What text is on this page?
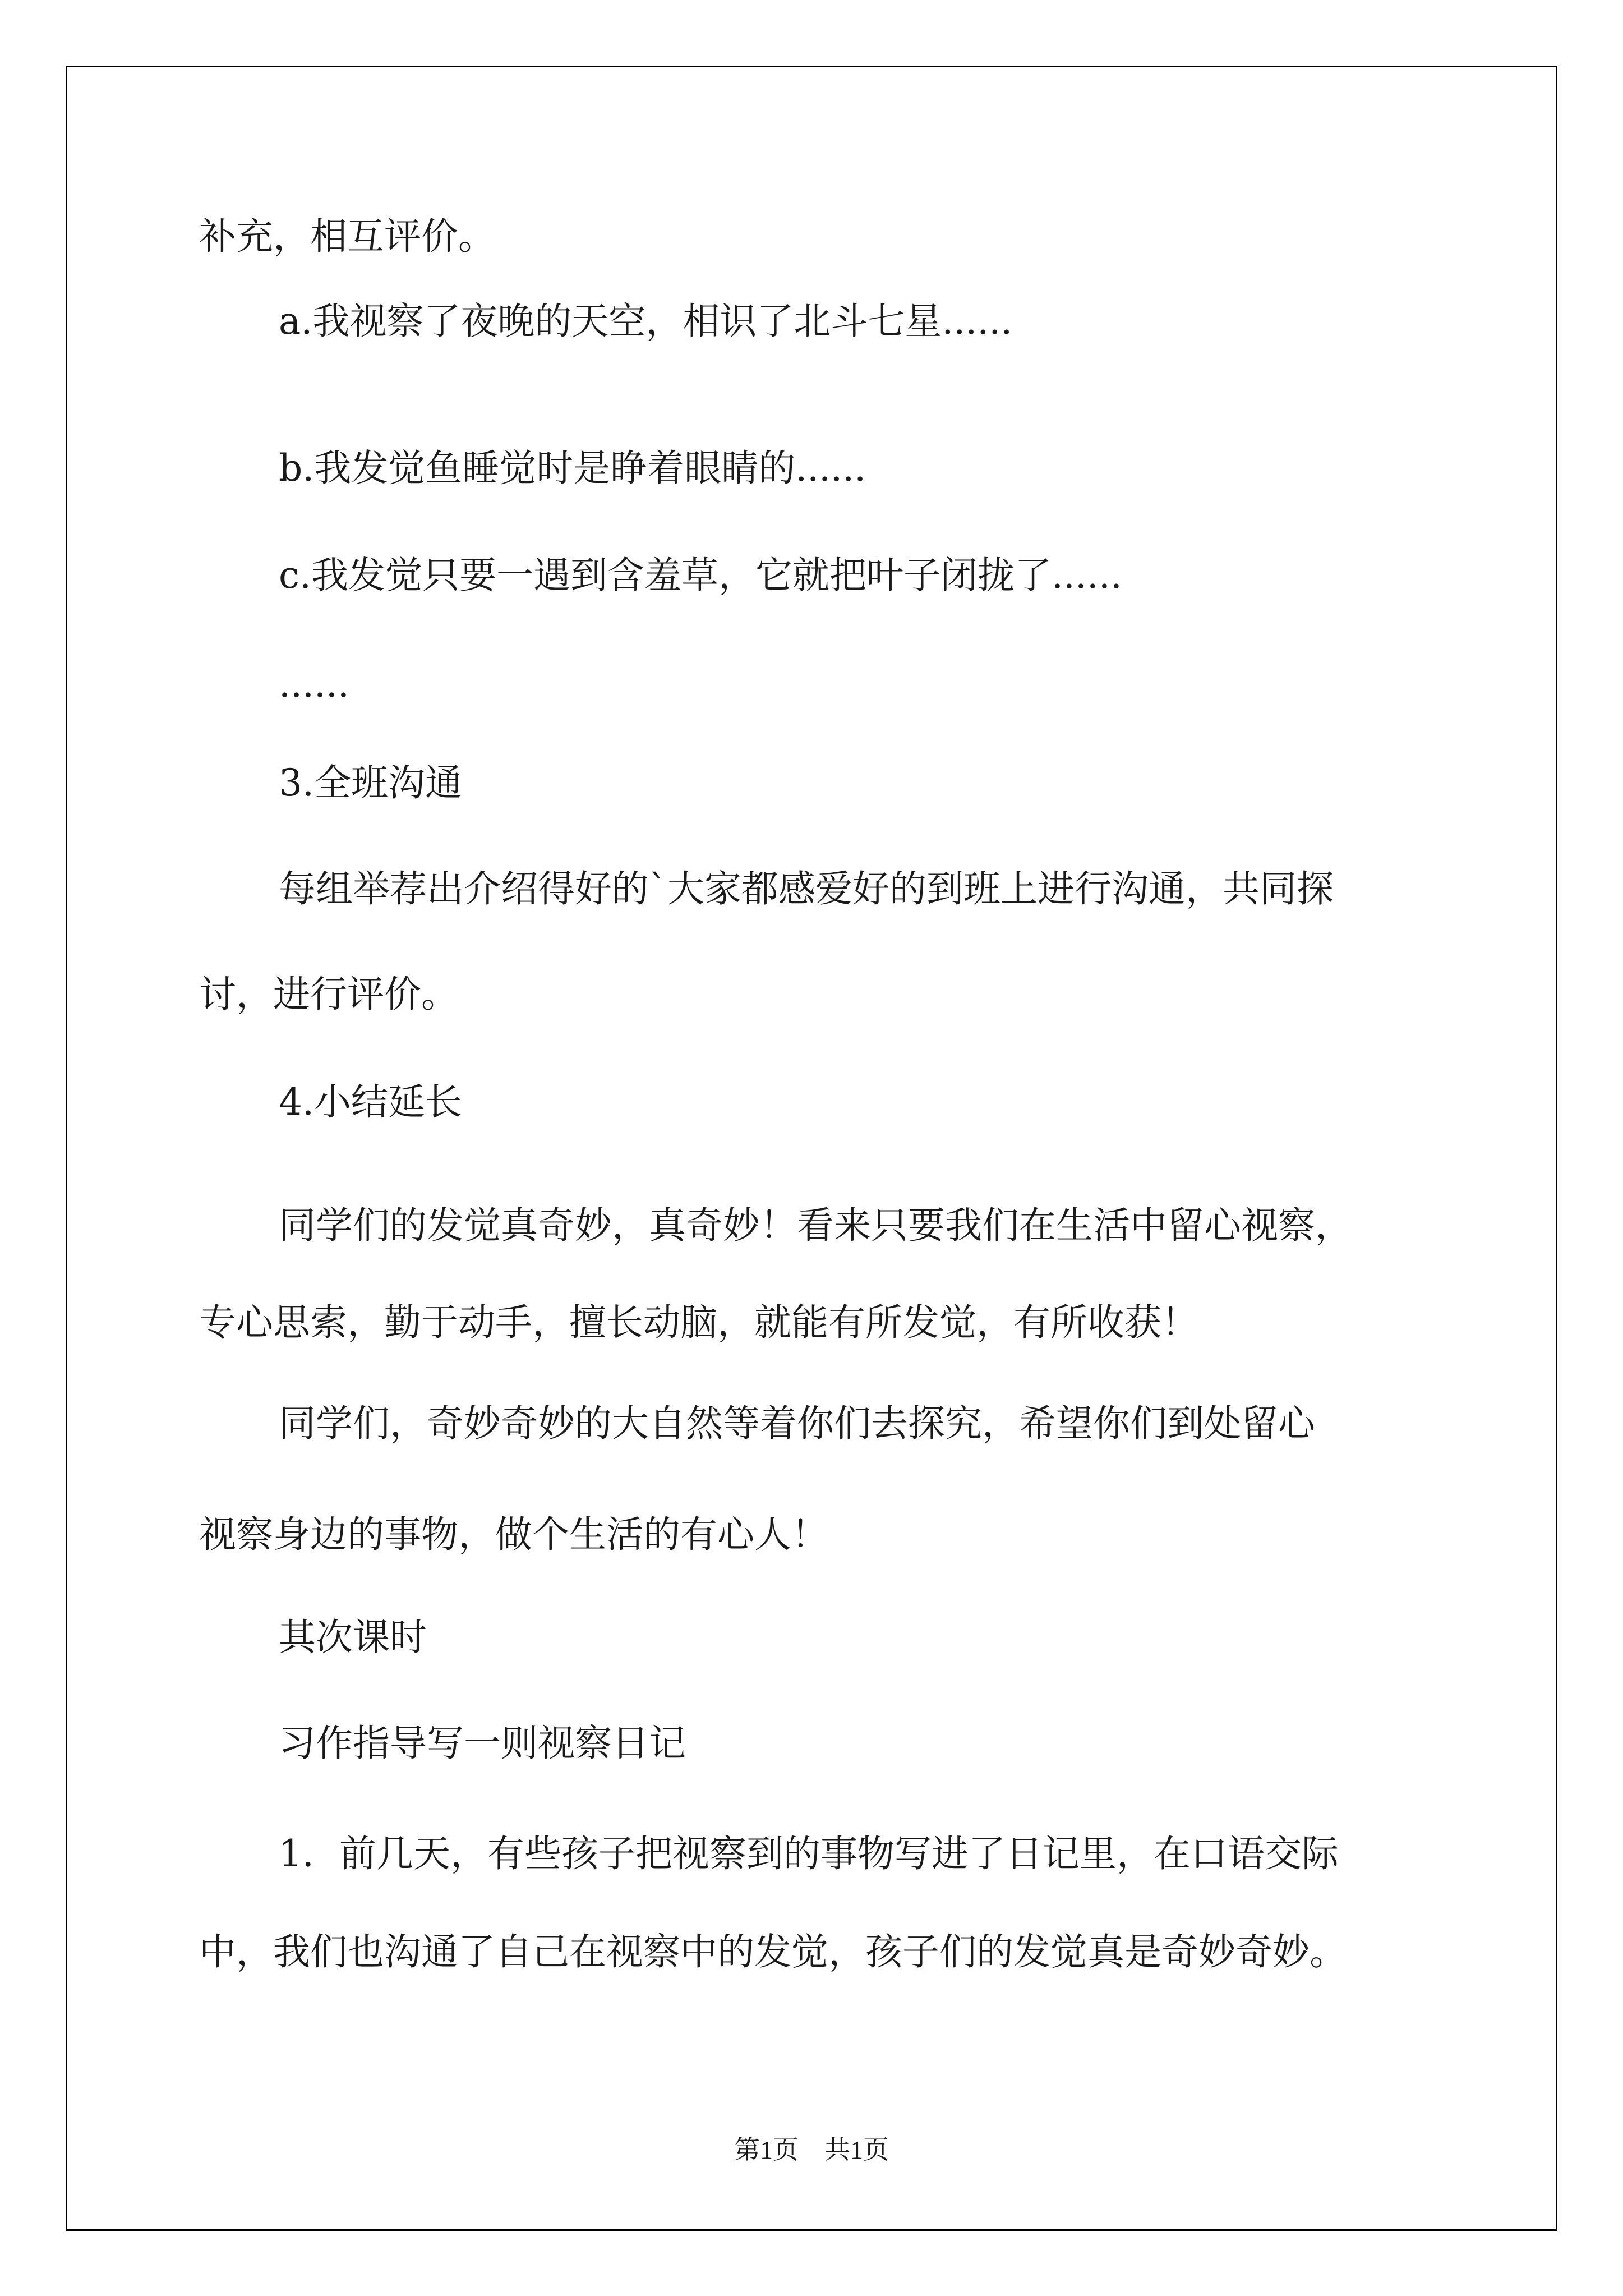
补充，相互评价。
a.我视察了夜晚的天空，相识了北斗七星......
b.我发觉鱼睡觉时是睁着眼睛的......
c.我发觉只要一遇到含羞草，它就把叶子闭拢了......
......
3.全班沟通
每组举荐出介绍得好的`大家都感爱好的到班上进行沟通，共同探
讨，进行评价。
4.小结延长
同学们的发觉真奇妙，真奇妙！看来只要我们在生活中留心视察，
专心思索，勤于动手，擅长动脑，就能有所发觉，有所收获！
同学们，奇妙奇妙的大自然等着你们去探究，希望你们到处留心
视察身边的事物，做个生活的有心人！
其次课时
习作指导写一则视察日记
1．前几天，有些孩子把视察到的事物写进了日记里，在口语交际
中，我们也沟通了自己在视察中的发觉，孩子们的发觉真是奇妙奇妙。
第1页 共1页
